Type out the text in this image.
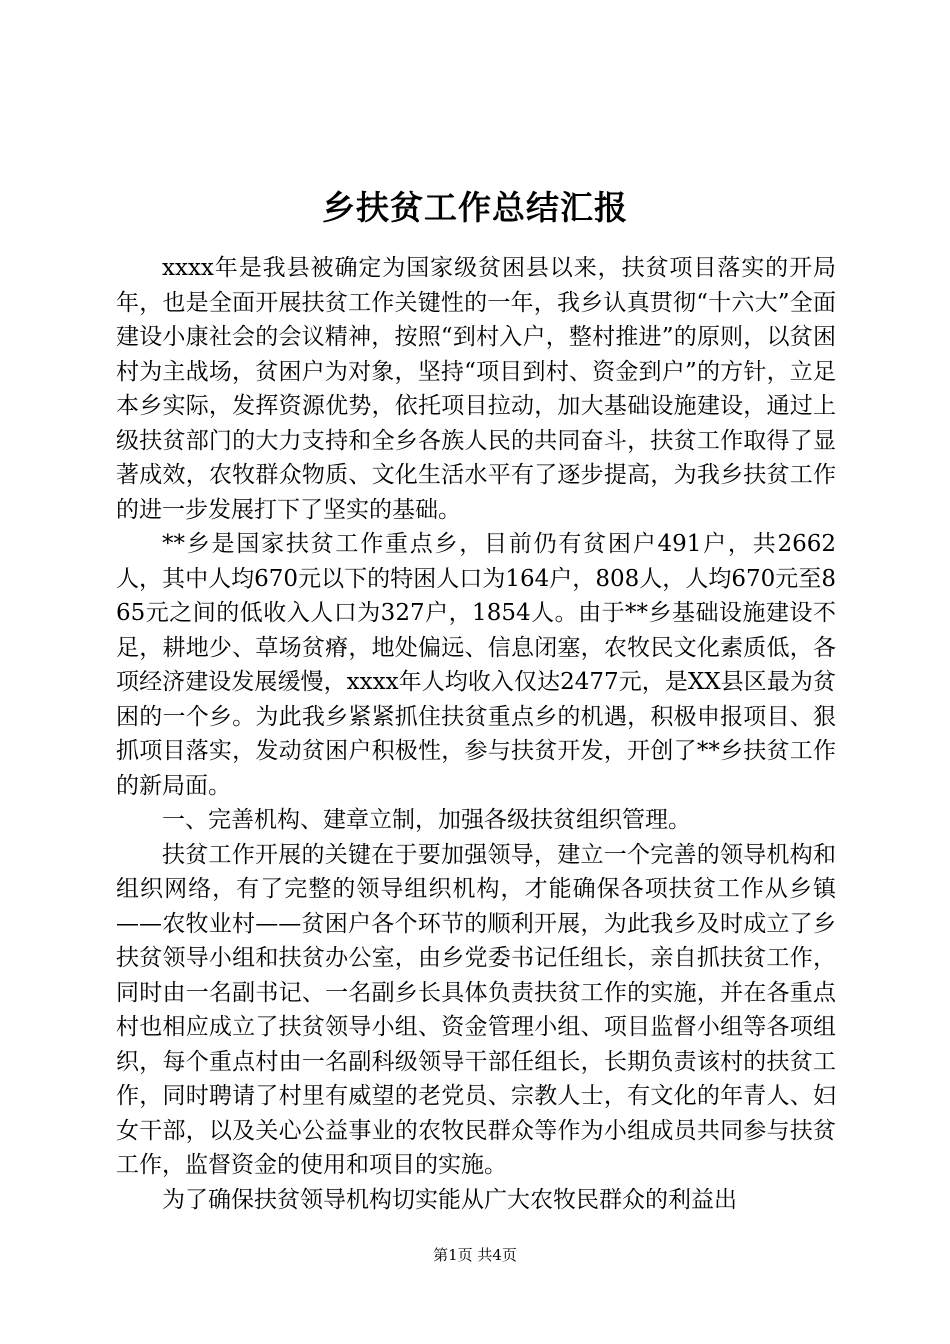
乡扶贫工作总结汇报

xxxx年是我县被确定为国家级贫困县以来，扶贫项目落实的开局年，也是全面开展扶贫工作关键性的一年，我乡认真贯彻“十六大”全面建设小康社会的会议精神，按照“到村入户，整村推进”的原则，以贫困村为主战场，贫困户为对象，坚持“项目到村、资金到户”的方针，立足本乡实际，发挥资源优势，依托项目拉动，加大基础设施建设，通过上级扶贫部门的大力支持和全乡各族人民的共同奋斗，扶贫工作取得了显著成效，农牧群众物质、文化生活水平有了逐步提高，为我乡扶贫工作的进一步发展打下了坚实的基础。

**乡是国家扶贫工作重点乡，目前仍有贫困户491户，共2662人，其中人均670元以下的特困人口为164户，808人，人均670元至865元之间的低收入人口为327户，1854人。由于**乡基础设施建设不足，耕地少、草场贫瘠，地处偏远、信息闭塞，农牧民文化素质低，各项经济建设发展缓慢，xxxx年人均收入仅达2477元，是XX县区最为贫困的一个乡。为此我乡紧紧抓住扶贫重点乡的机遇，积极申报项目、狠抓项目落实，发动贫困户积极性，参与扶贫开发，开创了**乡扶贫工作的新局面。

一、完善机构、建章立制，加强各级扶贫组织管理。

扶贫工作开展的关键在于要加强领导，建立一个完善的领导机构和组织网络，有了完整的领导组织机构，才能确保各项扶贫工作从乡镇——农牧业村——贫困户各个环节的顺利开展，为此我乡及时成立了乡扶贫领导小组和扶贫办公室，由乡党委书记任组长，亲自抓扶贫工作，同时由一名副书记、一名副乡长具体负责扶贫工作的实施，并在各重点村也相应成立了扶贫领导小组、资金管理小组、项目监督小组等各项组织，每个重点村由一名副科级领导干部任组长，长期负责该村的扶贫工作，同时聘请了村里有威望的老党员、宗教人士，有文化的年青人、妇女干部，以及关心公益事业的农牧民群众等作为小组成员共同参与扶贫工作，监督资金的使用和项目的实施。

为了确保扶贫领导机构切实能从广大农牧民群众的利益出

第1页 共4页
